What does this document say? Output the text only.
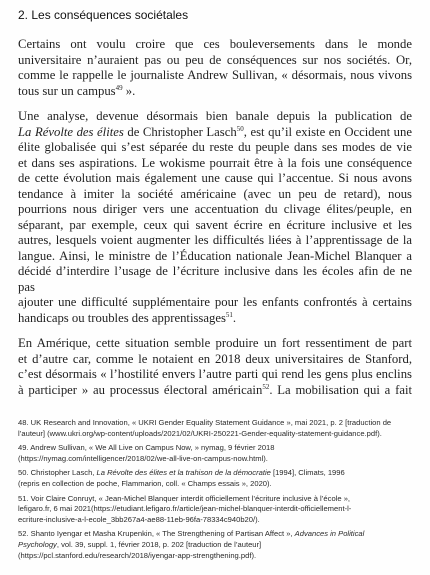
2. Les conséquences sociétales

Certains ont voulu croire que ces bouleversements dans le monde
universitaire n’auraient pas ou peu de conséquences sur nos sociétés. Or,
comme le rappelle le journaliste Andrew Sullivan, « désormais, nous vivons
tous sur un campus$^{49}$ ».

Une analyse, devenue désormais bien banale depuis la publication de
La Révolte des élites de Christopher Lasch$^{50}$, est qu’il existe en Occident une
élite globalisée qui s’est séparée du reste du peuple dans ses modes de vie
et dans ses aspirations. Le wokisme pourrait être à la fois une conséquence
de cette évolution mais également une cause qui l’accentue. Si nous avons
tendance à imiter la société américaine (avec un peu de retard), nous
pourrions nous diriger vers une accentuation du clivage élites/peuple, en
séparant, par exemple, ceux qui savent écrire en écriture inclusive et les
autres, lesquels voient augmenter les difficultés liées à l’apprentissage de la
langue. Ainsi, le ministre de l’Éducation nationale Jean-Michel Blanquer a
décidé d’interdire l’usage de l’écriture inclusive dans les écoles afin de ne pas
ajouter une difficulté supplémentaire pour les enfants confrontés à certains
handicaps ou troubles des apprentissages$^{51}$.

En Amérique, cette situation semble produire un fort ressentiment de part
et d’autre car, comme le notaient en 2018 deux universitaires de Stanford,
c’est désormais « l’hostilité envers l’autre parti qui rend les gens plus enclins
à participer » au processus électoral américain$^{52}$. La mobilisation qui a fait

48. UK Research and Innovation, « UKRI Gender Equality Statement Guidance », mai 2021, p. 2 [traduction de
l’auteur] (www.ukri.org/wp-content/uploads/2021/02/UKRI-250221-Gender-equality-statement-guidance.pdf).
49. Andrew Sullivan, « We All Live on Campus Now, » nymag, 9 février 2018
(https://nymag.com/intelligencer/2018/02/we-all-live-on-campus-now.html).
50. Christopher Lasch, La Révolte des élites et la trahison de la démocratie [1994], Climats, 1996
(repris en collection de poche, Flammarion, coll. « Champs essais », 2020).
51. Voir Claire Conruyt, « Jean-Michel Blanquer interdit officiellement l’écriture inclusive à l’école »,
lefigaro.fr, 6 mai 2021(https://etudiant.lefigaro.fr/article/jean-michel-blanquer-interdit-officiellement-l-
ecriture-inclusive-a-l-ecole_3bb267a4-ae88-11eb-96fa-78334c940b20/).
52. Shanto Iyengar et Masha Krupenkin, « The Strengthening of Partisan Affect », Advances in Political
Psychology, vol. 39, suppl. 1, février 2018, p. 202 [traduction de l’auteur]
(https://pcl.stanford.edu/research/2018/iyengar-app-strengthening.pdf).
